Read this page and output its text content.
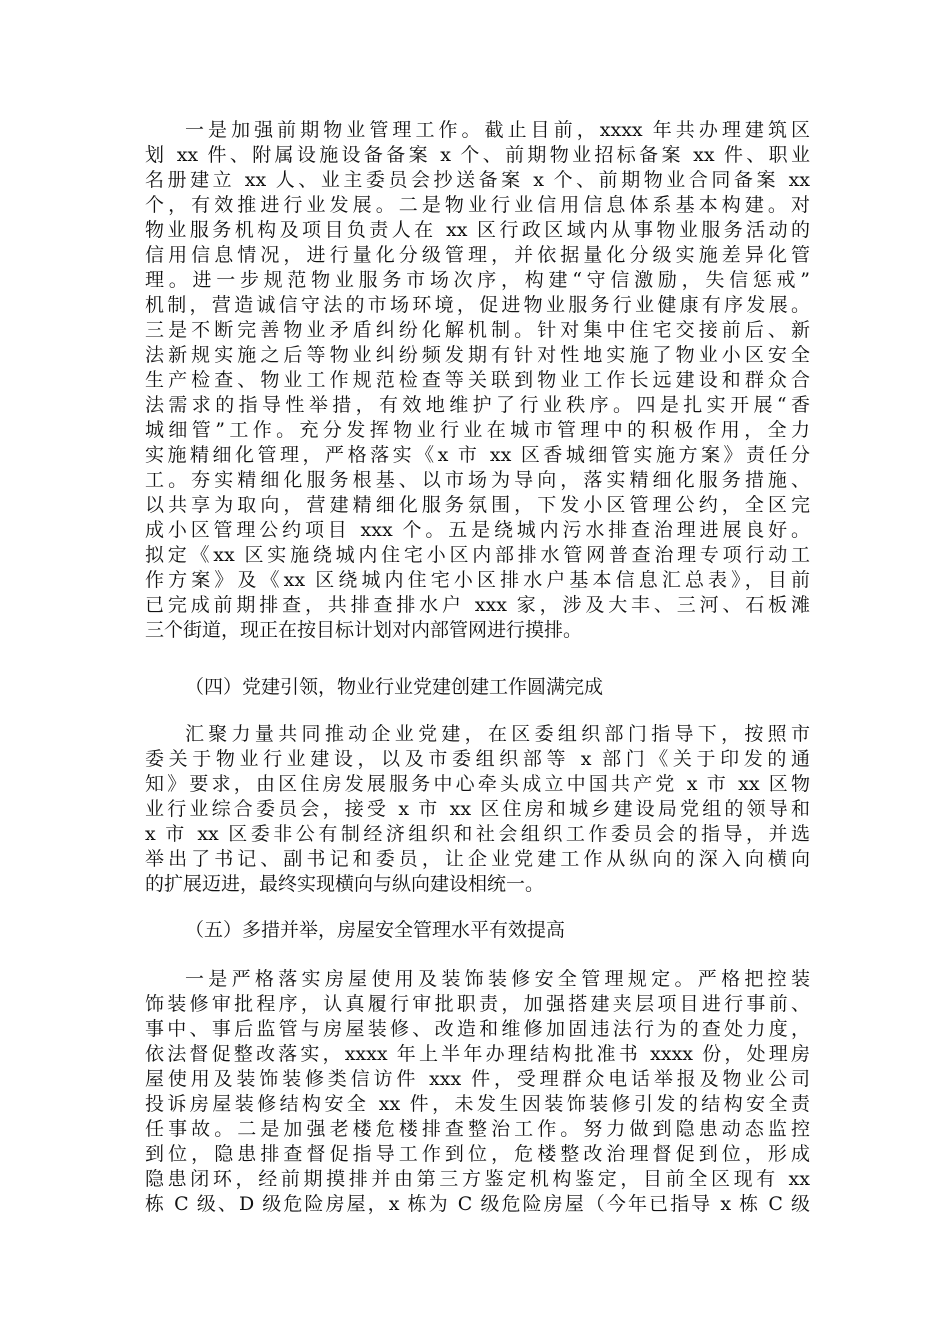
一是加强前期物业管理工作。截止目前，xxxx 年共办理建筑区
划 xx 件、附属设施设备备案 x 个、前期物业招标备案 xx 件、职业
名册建立 xx 人、业主委员会抄送备案 x 个、前期物业合同备案 xx
个，有效推进行业发展。二是物业行业信用信息体系基本构建。对
物业服务机构及项目负责人在 xx 区行政区域内从事物业服务活动的
信用信息情况，进行量化分级管理，并依据量化分级实施差异化管
理。进一步规范物业服务市场次序，构建“守信激励，失信惩戒”
机制，营造诚信守法的市场环境，促进物业服务行业健康有序发展。
三是不断完善物业矛盾纠纷化解机制。针对集中住宅交接前后、新
法新规实施之后等物业纠纷频发期有针对性地实施了物业小区安全
生产检查、物业工作规范检查等关联到物业工作长远建设和群众合
法需求的指导性举措，有效地维护了行业秩序。四是扎实开展“香
城细管”工作。充分发挥物业行业在城市管理中的积极作用，全力
实施精细化管理，严格落实《x 市 xx 区香城细管实施方案》责任分
工。夯实精细化服务根基、以市场为导向，落实精细化服务措施、
以共享为取向，营建精细化服务氛围，下发小区管理公约，全区完
成小区管理公约项目 xxx 个。五是绕城内污水排查治理进展良好。
拟定《xx 区实施绕城内住宅小区内部排水管网普查治理专项行动工
作方案》及《xx 区绕城内住宅小区排水户基本信息汇总表》，目前
已完成前期排查，共排查排水户 xxx 家，涉及大丰、三河、石板滩
三个街道，现正在按目标计划对内部管网进行摸排。
（四）党建引领，物业行业党建创建工作圆满完成
汇聚力量共同推动企业党建，在区委组织部门指导下，按照市
委关于物业行业建设，以及市委组织部等 x 部门《关于印发的通
知》要求，由区住房发展服务中心牵头成立中国共产党 x 市 xx 区物
业行业综合委员会，接受 x 市 xx 区住房和城乡建设局党组的领导和
x 市 xx 区委非公有制经济组织和社会组织工作委员会的指导，并选
举出了书记、副书记和委员，让企业党建工作从纵向的深入向横向
的扩展迈进，最终实现横向与纵向建设相统一。
（五）多措并举，房屋安全管理水平有效提高
一是严格落实房屋使用及装饰装修安全管理规定。严格把控装
饰装修审批程序，认真履行审批职责，加强搭建夹层项目进行事前、
事中、事后监管与房屋装修、改造和维修加固违法行为的查处力度，
依法督促整改落实，xxxx 年上半年办理结构批准书 xxxx 份，处理房
屋使用及装饰装修类信访件 xxx 件，受理群众电话举报及物业公司
投诉房屋装修结构安全 xx 件，未发生因装饰装修引发的结构安全责
任事故。二是加强老楼危楼排查整治工作。努力做到隐患动态监控
到位，隐患排查督促指导工作到位，危楼整改治理督促到位，形成
隐患闭环，经前期摸排并由第三方鉴定机构鉴定，目前全区现有 xx
栋 C 级、D 级危险房屋，x 栋为 C 级危险房屋（今年已指导 x 栋 C 级
